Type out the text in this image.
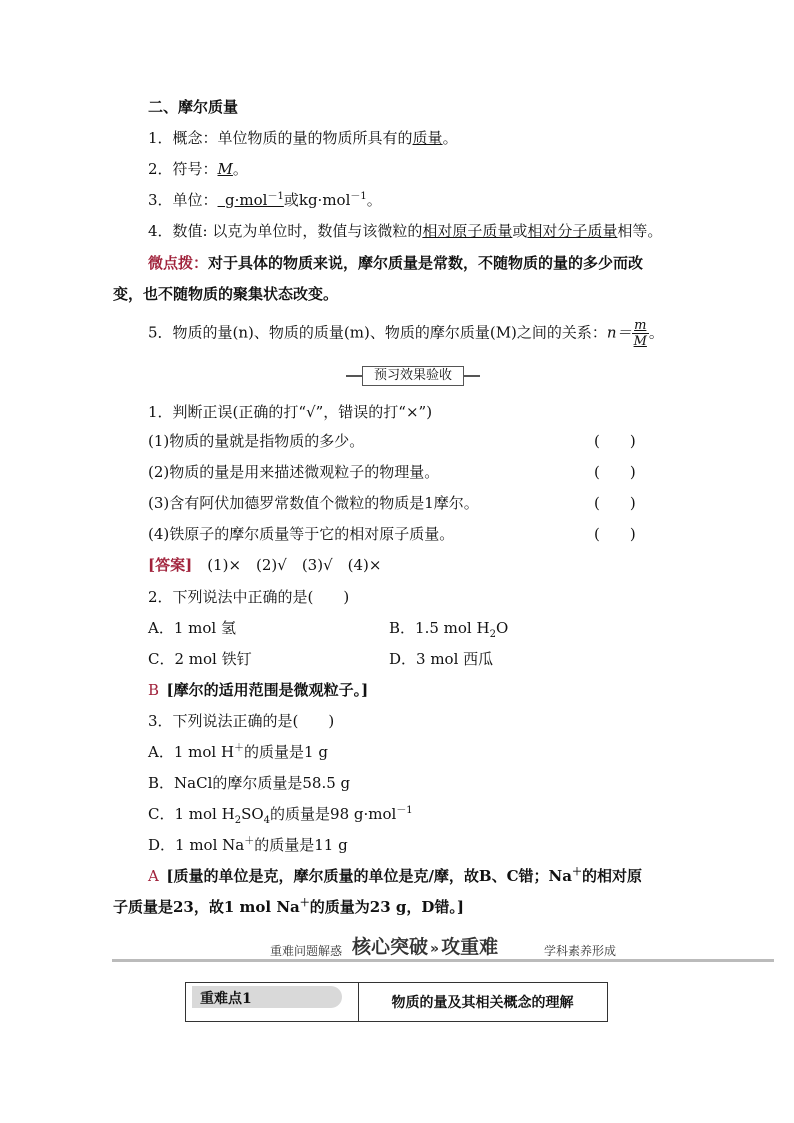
二、摩尔质量
1．概念：单位物质的量的物质所具有的质量。
2．符号：M。
3．单位：  g·mol$^{-1}$或kg·mol$^{-1}$。
4．数值: 以克为单位时，数值与该微粒的相对原子质量或相对分子质量相等。
微点拨：对于具体的物质来说，摩尔质量是常数，不随物质的量的多少而改
变，也不随物质的聚集状态改变。
5．物质的量(n)、物质的质量(m)、物质的摩尔质量(M)之间的关系：$n= \frac{m}{M}$ 。
预习效果验收
1．判断正误(正确的打“√”，错误的打“×”)
(1)物质的量就是指物质的多少。	(　　)
(2)物质的量是用来描述微观粒子的物理量。	(　　)
(3)含有阿伏加德罗常数值个微粒的物质是1摩尔。	(　　)
(4)铁原子的摩尔质量等于它的相对原子质量。	(　　)
[答案]  (1)×　(2)√　(3)√　(4)×
2．下列说法中正确的是(　　)
A．1 mol 氢	B．1.5 mol $H_2O$
C．2 mol 铁钉	D．3 mol 西瓜
B  [摩尔的适用范围是微观粒子。]
3．下列说法正确的是(　　)
A．1 mol H＋的质量是1 g
B．NaCl的摩尔质量是58.5 g
C．1 mol $H_2SO_4$的质量是98 g·mol$^{-1}$
D．1 mol Na＋的质量是11 g
A  [质量的单位是克，摩尔质量的单位是克/摩，故B、C错；Na＋的相对原
子质量是23，故1 mol Na＋的质量为23 g，D错。]
重难问题解惑 核心突破 » 攻重难	学科素养形成
重难点1	物质的量及其相关概念的理解
